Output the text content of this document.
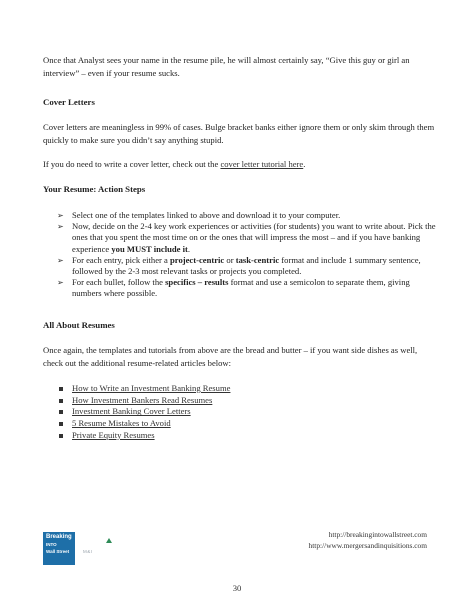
Once that Analyst sees your name in the resume pile, he will almost certainly say, “Give this guy or girl an interview” – even if your resume sucks.

Cover Letters

Cover letters are meaningless in 99% of cases. Bulge bracket banks either ignore them or only skim through them quickly to make sure you didn’t say anything stupid.

If you do need to write a cover letter, check out the cover letter tutorial here.

Your Resume: Action Steps

➢ Select one of the templates linked to above and download it to your computer.
➢ Now, decide on the 2-4 key work experiences or activities (for students) you want to write about. Pick the ones that you spent the most time on or the ones that will impress the most – and if you have banking experience you MUST include it.
➢ For each entry, pick either a project-centric or task-centric format and include 1 summary sentence, followed by the 2-3 most relevant tasks or projects you completed.
➢ For each bullet, follow the specifics – results format and use a semicolon to separate them, giving numbers where possible.

All About Resumes

Once again, the templates and tutorials from above are the bread and butter – if you want side dishes as well, check out the additional resume-related articles below:

How to Write an Investment Banking Resume
How Investment Bankers Read Resumes
Investment Banking Cover Letters
5 Resume Mistakes to Avoid
Private Equity Resumes
Breaking
INTO
Wall Street	M&I
http://breakingintowallstreet.com
http://www.mergersandinquisitions.com
30
